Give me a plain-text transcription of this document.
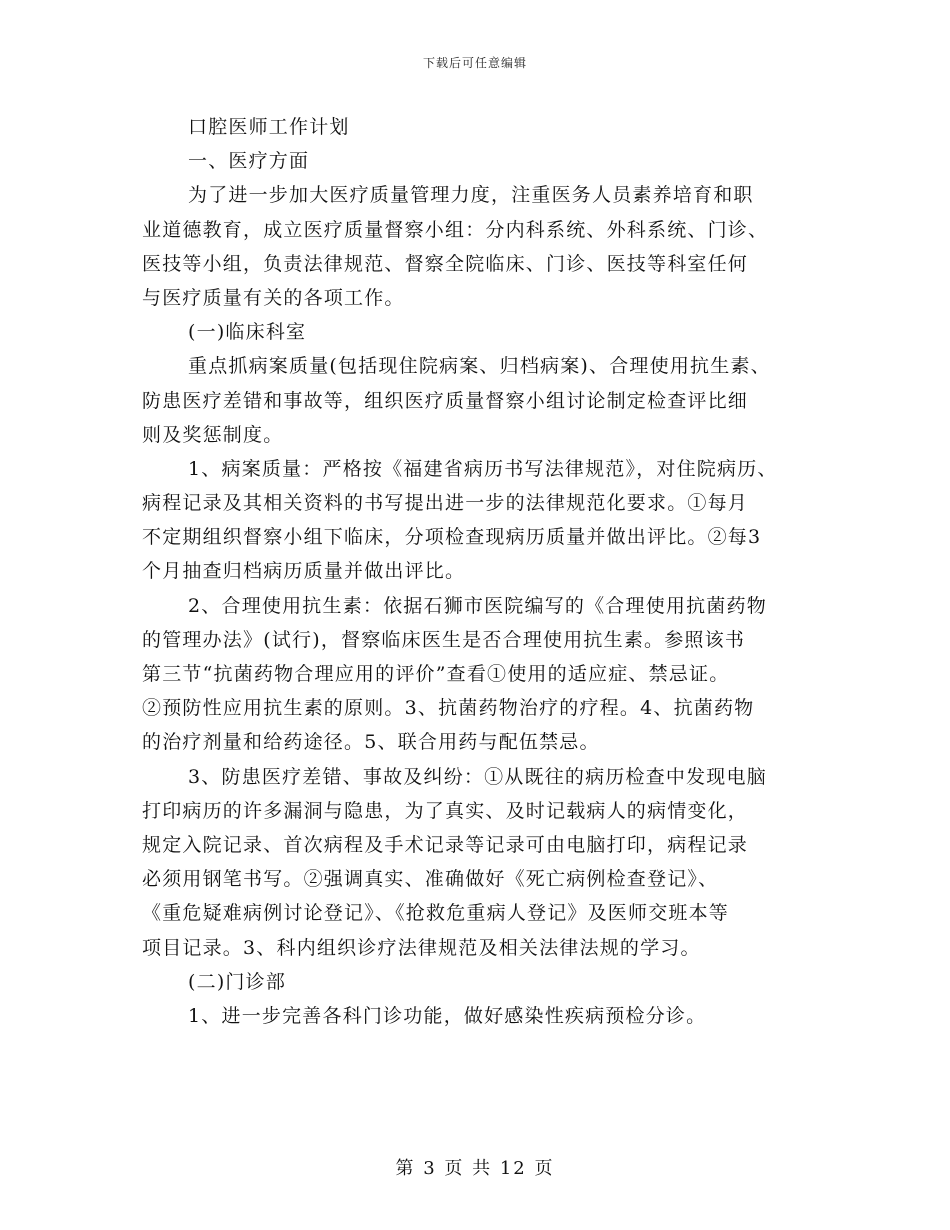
下载后可任意编辑
口腔医师工作计划
一、医疗方面
为了进一步加大医疗质量管理力度，注重医务人员素养培育和职
业道德教育，成立医疗质量督察小组：分内科系统、外科系统、门诊、
医技等小组，负责法律规范、督察全院临床、门诊、医技等科室任何
与医疗质量有关的各项工作。
(一)临床科室
重点抓病案质量(包括现住院病案、归档病案)、合理使用抗生素、
防患医疗差错和事故等，组织医疗质量督察小组讨论制定检查评比细
则及奖惩制度。
1、病案质量：严格按《福建省病历书写法律规范》，对住院病历、
病程记录及其相关资料的书写提出进一步的法律规范化要求。①每月
不定期组织督察小组下临床，分项检查现病历质量并做出评比。②每3
个月抽查归档病历质量并做出评比。
2、合理使用抗生素：依据石狮市医院编写的《合理使用抗菌药物
的管理办法》(试行)，督察临床医生是否合理使用抗生素。参照该书
第三节“抗菌药物合理应用的评价”查看①使用的适应症、禁忌证。
②预防性应用抗生素的原则。3、抗菌药物治疗的疗程。4、抗菌药物
的治疗剂量和给药途径。5、联合用药与配伍禁忌。
3、防患医疗差错、事故及纠纷：①从既往的病历检查中发现电脑
打印病历的许多漏洞与隐患，为了真实、及时记载病人的病情变化，
规定入院记录、首次病程及手术记录等记录可由电脑打印，病程记录
必须用钢笔书写。②强调真实、准确做好《死亡病例检查登记》、
《重危疑难病例讨论登记》、《抢救危重病人登记》及医师交班本等
项目记录。3、科内组织诊疗法律规范及相关法律法规的学习。
(二)门诊部
1、进一步完善各科门诊功能，做好感染性疾病预检分诊。
第 3 页 共 12 页
